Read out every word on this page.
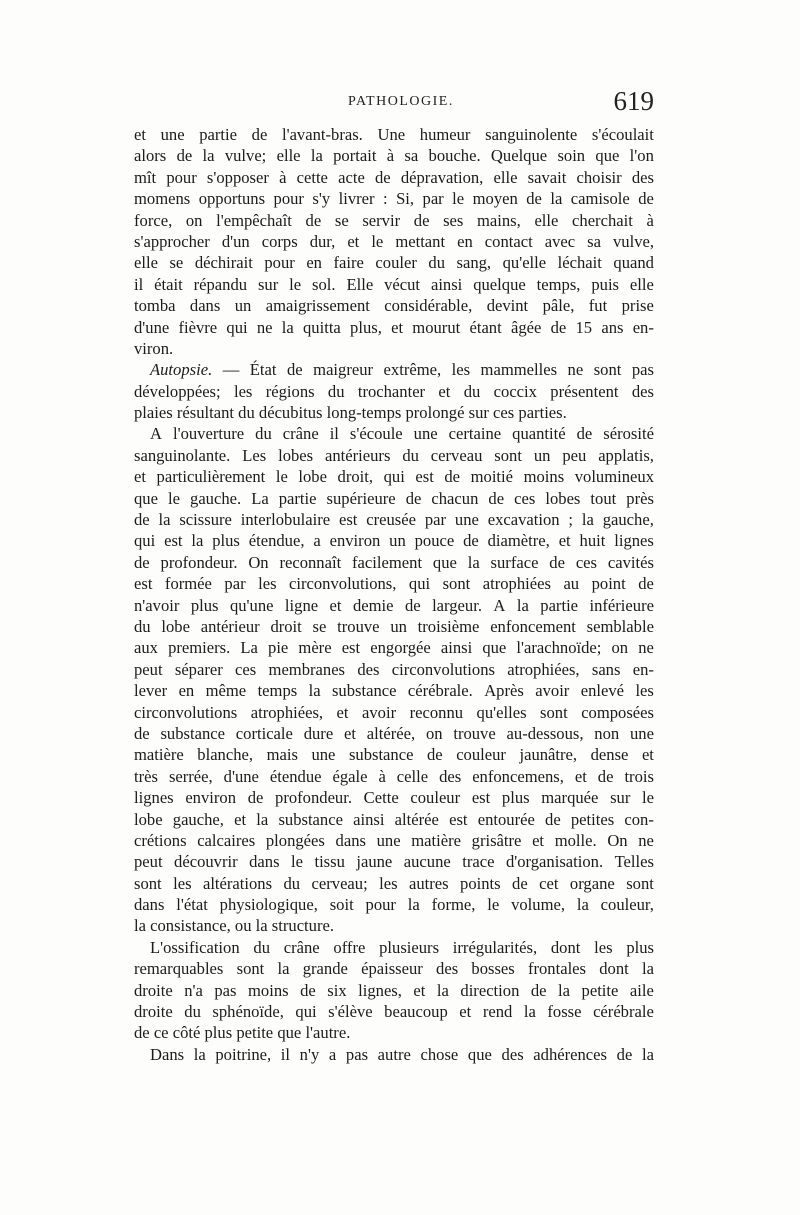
PATHOLOGIE.	619
et une partie de l'avant-bras. Une humeur sanguinolente s'écoulait
alors de la vulve; elle la portait à sa bouche. Quelque soin que l'on
mît pour s'opposer à cette acte de dépravation, elle savait choisir des
momens opportuns pour s'y livrer : Si, par le moyen de la camisole de
force, on l'empêchaît de se servir de ses mains, elle cherchait à
s'approcher d'un corps dur, et le mettant en contact avec sa vulve,
elle se déchirait pour en faire couler du sang, qu'elle léchait quand
il était répandu sur le sol. Elle vécut ainsi quelque temps, puis elle
tomba dans un amaigrissement considérable, devint pâle, fut prise
d'une fièvre qui ne la quitta plus, et mourut étant âgée de 15 ans en-
viron.
Autopsie. — État de maigreur extrême, les mammelles ne sont pas
développées; les régions du trochanter et du coccix présentent des
plaies résultant du décubitus long-temps prolongé sur ces parties.
A l'ouverture du crâne il s'écoule une certaine quantité de sérosité
sanguinolante. Les lobes antérieurs du cerveau sont un peu applatis,
et particulièrement le lobe droit, qui est de moitié moins volumineux
que le gauche. La partie supérieure de chacun de ces lobes tout près
de la scissure interlobulaire est creusée par une excavation ; la gauche,
qui est la plus étendue, a environ un pouce de diamètre, et huit lignes
de profondeur. On reconnaît facilement que la surface de ces cavités
est formée par les circonvolutions, qui sont atrophiées au point de
n'avoir plus qu'une ligne et demie de largeur. A la partie inférieure
du lobe antérieur droit se trouve un troisième enfoncement semblable
aux premiers. La pie mère est engorgée ainsi que l'arachnoïde; on ne
peut séparer ces membranes des circonvolutions atrophiées, sans en-
lever en même temps la substance cérébrale. Après avoir enlevé les
circonvolutions atrophiées, et avoir reconnu qu'elles sont composées
de substance corticale dure et altérée, on trouve au-dessous, non une
matière blanche, mais une substance de couleur jaunâtre, dense et
très serrée, d'une étendue égale à celle des enfoncemens, et de trois
lignes environ de profondeur. Cette couleur est plus marquée sur le
lobe gauche, et la substance ainsi altérée est entourée de petites con-
crétions calcaires plongées dans une matière grisâtre et molle. On ne
peut découvrir dans le tissu jaune aucune trace d'organisation. Telles
sont les altérations du cerveau; les autres points de cet organe sont
dans l'état physiologique, soit pour la forme, le volume, la couleur,
la consistance, ou la structure.
L'ossification du crâne offre plusieurs irrégularités, dont les plus
remarquables sont la grande épaisseur des bosses frontales dont la
droite n'a pas moins de six lignes, et la direction de la petite aile
droite du sphénoïde, qui s'élève beaucoup et rend la fosse cérébrale
de ce côté plus petite que l'autre.
Dans la poitrine, il n'y a pas autre chose que des adhérences de la
